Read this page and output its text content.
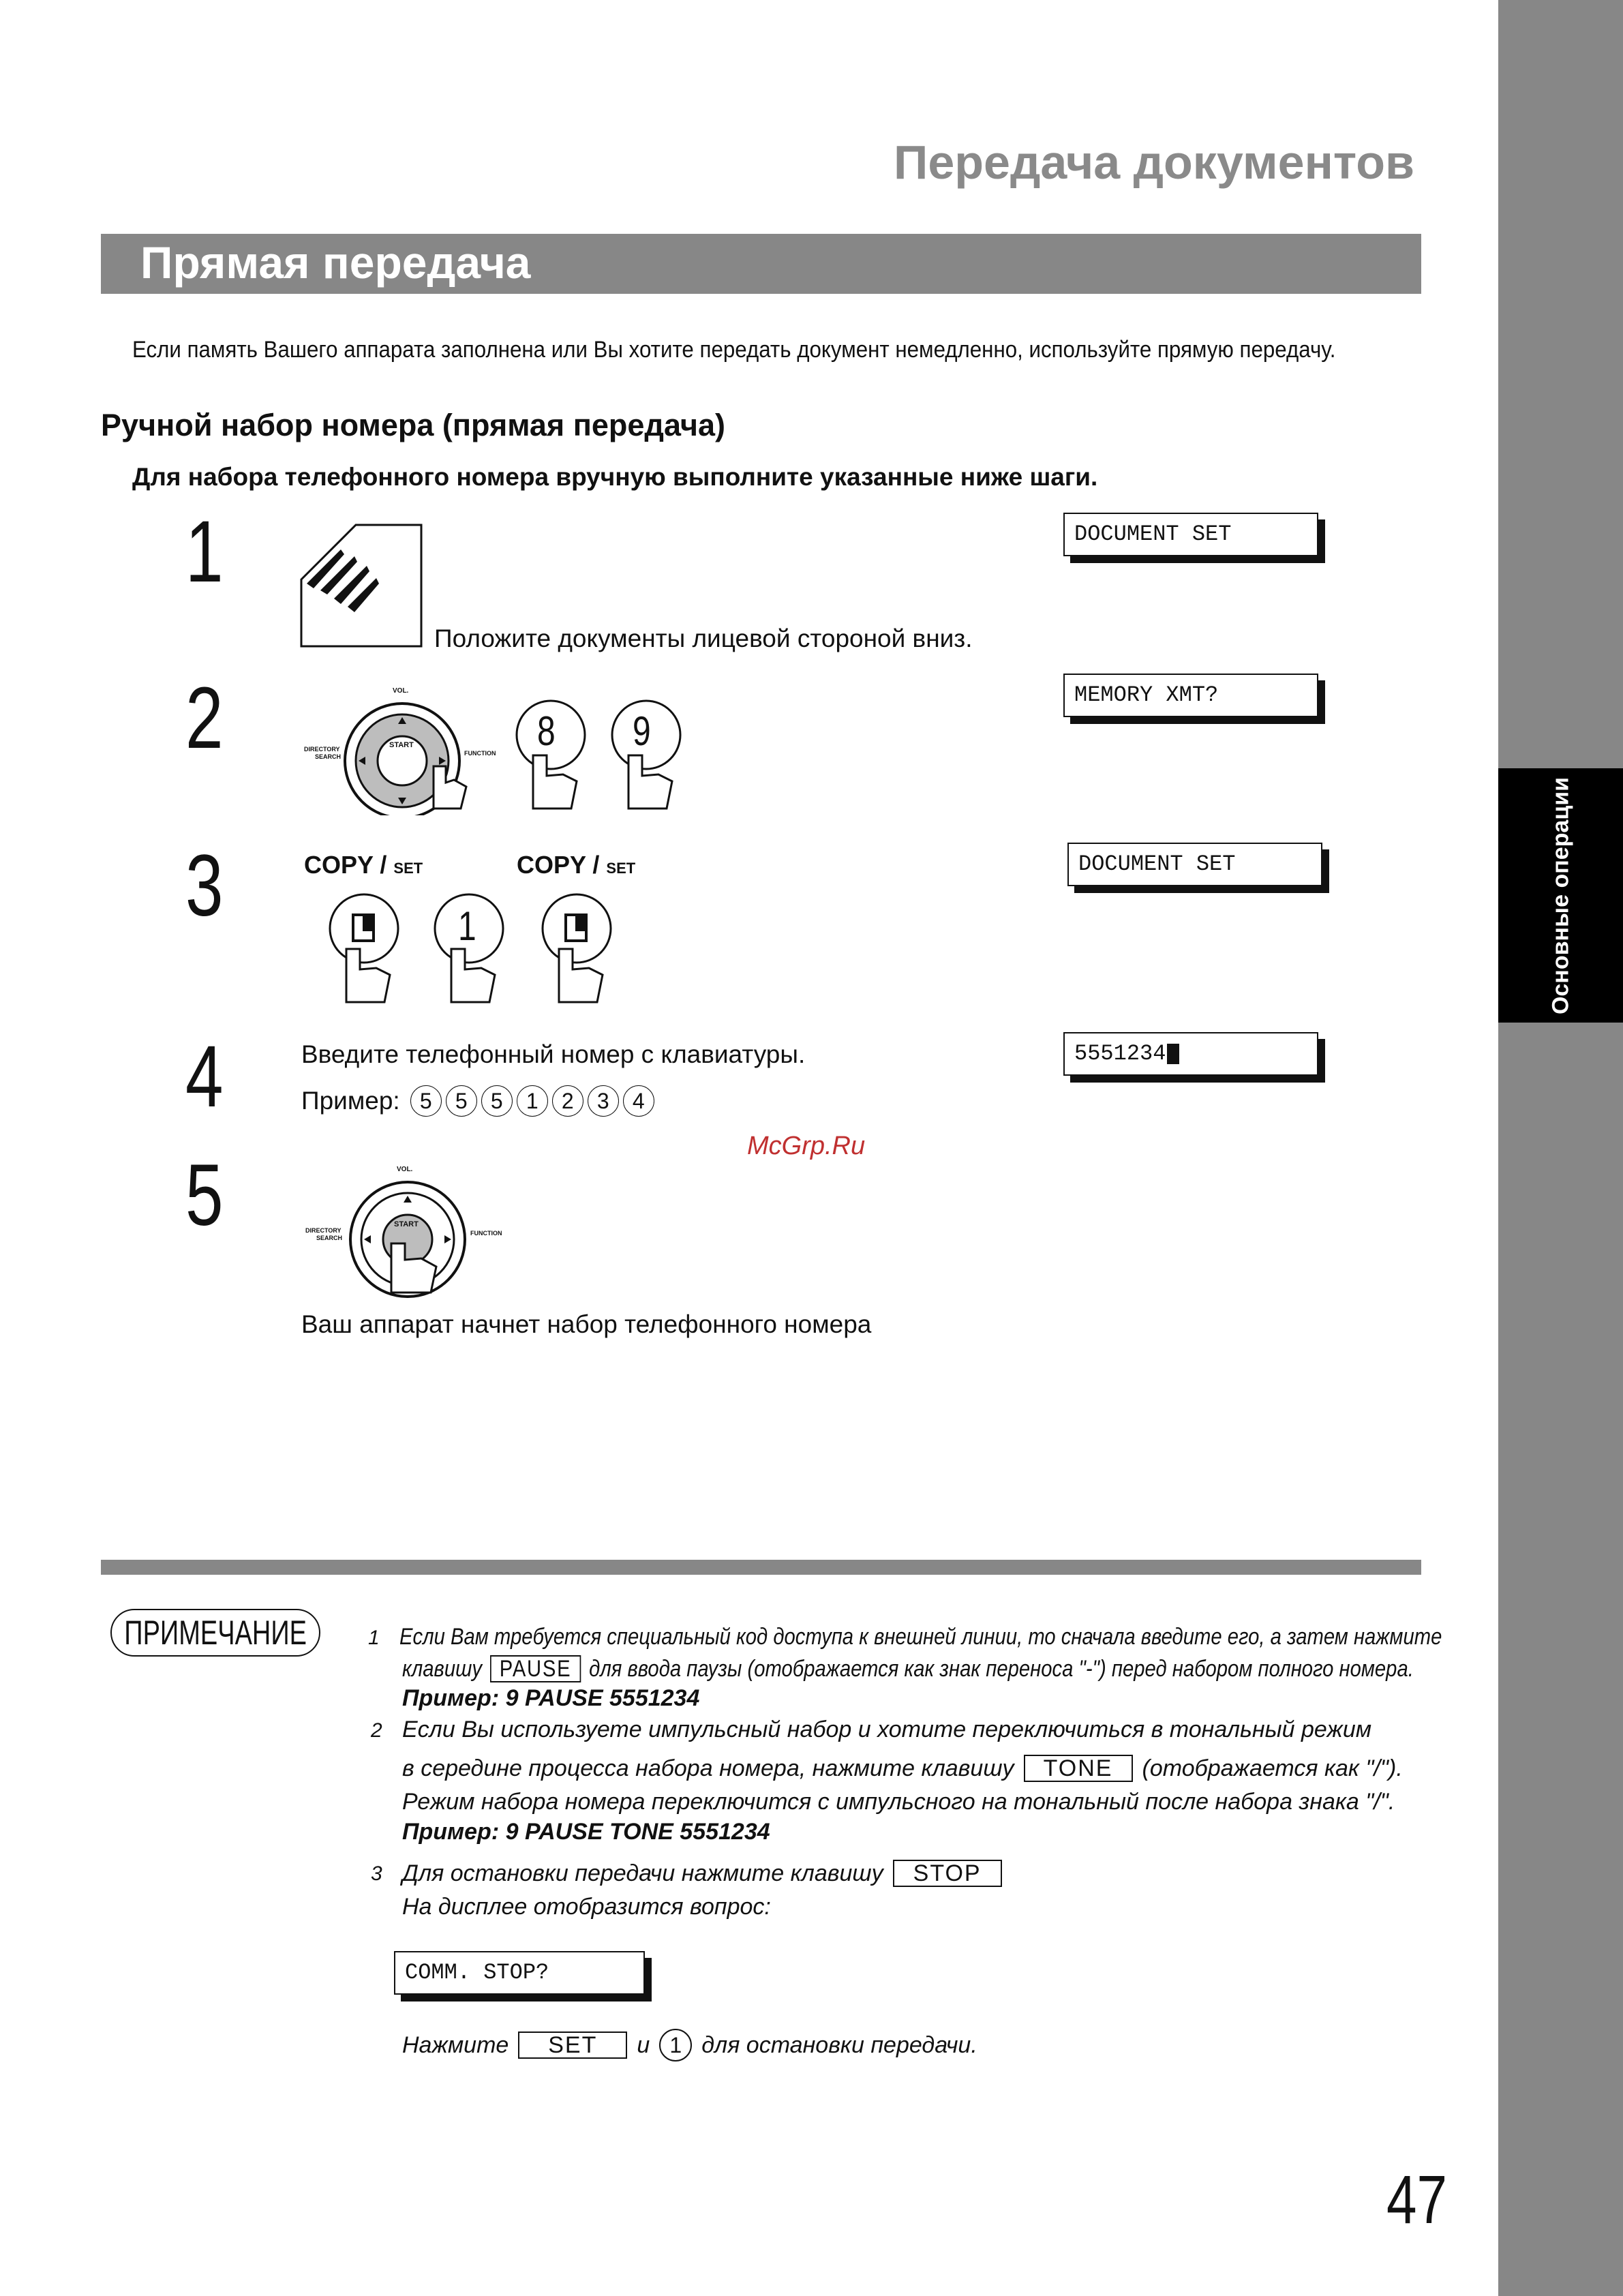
Основные операции
Передача документов
Прямая передача
Если память Вашего аппарата заполнена или Вы хотите передать документ немедленно, используйте прямую передачу.
Ручной набор номера (прямая передача)
Для набора телефонного номера вручную выполните указанные ниже шаги.
1
Положите документы лицевой стороной вниз.
DOCUMENT SET
2	VOL.
START
DIRECTORY
SEARCH	FUNCTION 8 9
MEMORY XMT?
3	COPY / SET	COPY / SET
1
DOCUMENT SET
4	Введите телефонный номер с клавиатуры.
Пример: 5	5	5	1	2	3	4
5551234
McGrp.Ru
5	VOL.
START
DIRECTORY
SEARCH
FUNCTION
Ваш аппарат начнет набор телефонного номера
ПРИМЕЧАНИЕ	1 Если Вам требуется специальный код доступа к внешней линии, то сначала введите его, а затем нажмите
клавишу PAUSE для ввода паузы (отображается как знак переноса "-") перед набором полного номера.
Пример: 9 PAUSE 5551234
2 Если Вы используете импульсный набор и хотите переключиться в тональный режим
в середине процесса набора номера, нажмите клавишу	TONE	(отображается как "/").
Режим набора номера переключится с импульсного на тональный после набора знака "/".
Пример: 9 PAUSE TONE 5551234
3 Для остановки передачи нажмите клавишу	STOP
На дисплее отобразится вопрос:
COMM. STOP?
Нажмите	SET	и 1 для остановки передачи.
47
